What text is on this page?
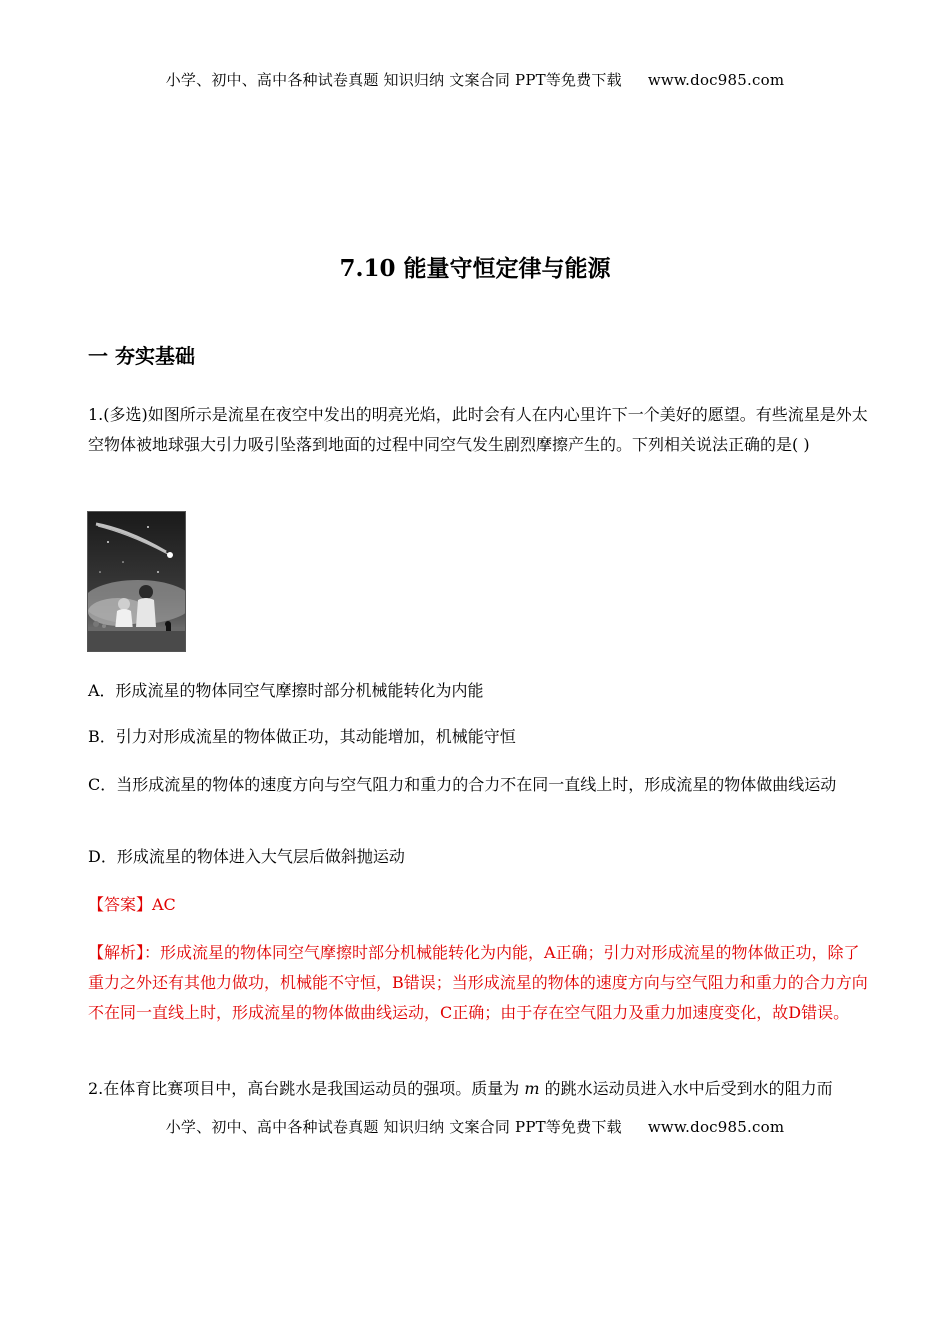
小学、初中、高中各种试卷真题 知识归纳 文案合同 PPT等免费下载 www.doc985.com
7.10 能量守恒定律与能源
一 夯实基础

1.(多选)如图所示是流星在夜空中发出的明亮光焰，此时会有人在内心里许下一个美好的愿望。有些流星是外太空物体被地球强大引力吸引坠落到地面的过程中同空气发生剧烈摩擦产生的。下列相关说法正确的是( )

A．形成流星的物体同空气摩擦时部分机械能转化为内能

B．引力对形成流星的物体做正功，其动能增加，机械能守恒

C．当形成流星的物体的速度方向与空气阻力和重力的合力不在同一直线上时，形成流星的物体做曲线运动

D．形成流星的物体进入大气层后做斜抛运动

【答案】AC

【解析】：形成流星的物体同空气摩擦时部分机械能转化为内能，A正确；引力对形成流星的物体做正功，除了重力之外还有其他力做功，机械能不守恒，B错误；当形成流星的物体的速度方向与空气阻力和重力的合力方向不在同一直线上时，形成流星的物体做曲线运动，C正确；由于存在空气阻力及重力加速度变化，故D错误。

2.在体育比赛项目中，高台跳水是我国运动员的强项。质量为 m 的跳水运动员进入水中后受到水的阻力而

小学、初中、高中各种试卷真题 知识归纳 文案合同 PPT等免费下载 www.doc985.com
